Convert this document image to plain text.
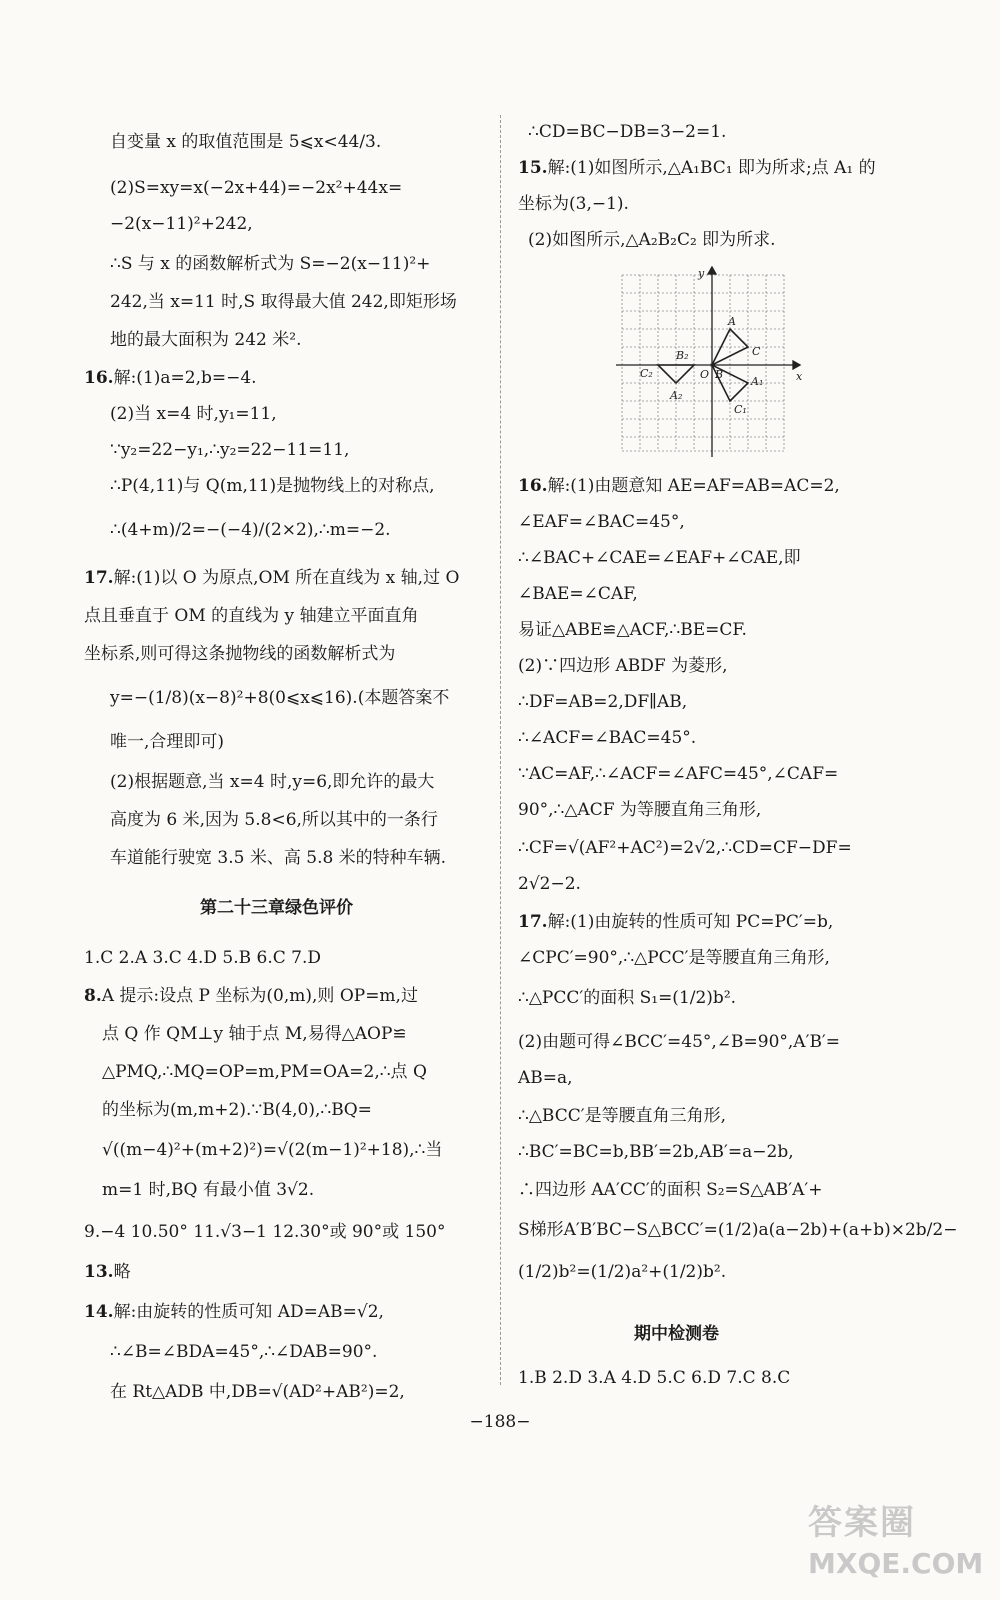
自变量 x 的取值范围是 5⩽x<44/3.
(2)S=xy=x(−2x+44)=−2x²+44x=
−2(x−11)²+242,
∴S 与 x 的函数解析式为 S=−2(x−11)²+
242,当 x=11 时,S 取得最大值 242,即矩形场
地的最大面积为 242 米².
16.解:(1)a=2,b=−4.
(2)当 x=4 时,y₁=11,
∵y₂=22−y₁,∴y₂=22−11=11,
∴P(4,11)与 Q(m,11)是抛物线上的对称点,
∴(4+m)/2=−(−4)/(2×2),∴m=−2.
17.解:(1)以 O 为原点,OM 所在直线为 x 轴,过 O
点且垂直于 OM 的直线为 y 轴建立平面直角
坐标系,则可得这条抛物线的函数解析式为
y=−(1/8)(x−8)²+8(0⩽x⩽16).(本题答案不
唯一,合理即可)
(2)根据题意,当 x=4 时,y=6,即允许的最大
高度为 6 米,因为 5.8<6,所以其中的一条行
车道能行驶宽 3.5 米、高 5.8 米的特种车辆.
第二十三章绿色评价
1.C 2.A 3.C 4.D 5.B 6.C 7.D
8.A 提示:设点 P 坐标为(0,m),则 OP=m,过
点 Q 作 QM⊥y 轴于点 M,易得△AOP≌
△PMQ,∴MQ=OP=m,PM=OA=2,∴点 Q
的坐标为(m,m+2).∵B(4,0),∴BQ=
√((m−4)²+(m+2)²)=√(2(m−1)²+18),∴当
m=1 时,BQ 有最小值 3√2.
9.−4 10.50° 11.√3−1 12.30°或 90°或 150°
13.略
14.解:由旋转的性质可知 AD=AB=√2,
∴∠B=∠BDA=45°,∴∠DAB=90°.
在 Rt△ADB 中,DB=√(AD²+AB²)=2,
∴CD=BC−DB=3−2=1.
15.解:(1)如图所示,△A₁BC₁ 即为所求;点 A₁ 的
坐标为(3,−1).
(2)如图所示,△A₂B₂C₂ 即为所求.
16.解:(1)由题意知 AE=AF=AB=AC=2,
∠EAF=∠BAC=45°,
∴∠BAC+∠CAE=∠EAF+∠CAE,即
∠BAE=∠CAF,
易证△ABE≌△ACF,∴BE=CF.
(2)∵四边形 ABDF 为菱形,
∴DF=AB=2,DF∥AB,
∴∠ACF=∠BAC=45°.
∵AC=AF,∴∠ACF=∠AFC=45°,∠CAF=
90°,∴△ACF 为等腰直角三角形,
∴CF=√(AF²+AC²)=2√2,∴CD=CF−DF=
2√2−2.
17.解:(1)由旋转的性质可知 PC=PC′=b,
∠CPC′=90°,∴△PCC′是等腰直角三角形,
∴△PCC′的面积 S₁=(1/2)b².
(2)由题可得∠BCC′=45°,∠B=90°,A′B′=
AB=a,
∴△BCC′是等腰直角三角形,
∴BC′=BC=b,BB′=2b,AB′=a−2b,
∴四边形 AA′CC′的面积 S₂=S△AB′A′+
S梯形A′B′BC−S△BCC′=(1/2)a(a−2b)+(a+b)×2b/2−
(1/2)b²=(1/2)a²+(1/2)b².
期中检测卷
1.B 2.D 3.A 4.D 5.C 6.D 7.C 8.C
y
x
A
C
B
O
A₁
C₁
A₂
B₂
C₂
−188−
答案圈
MXQE.COM
